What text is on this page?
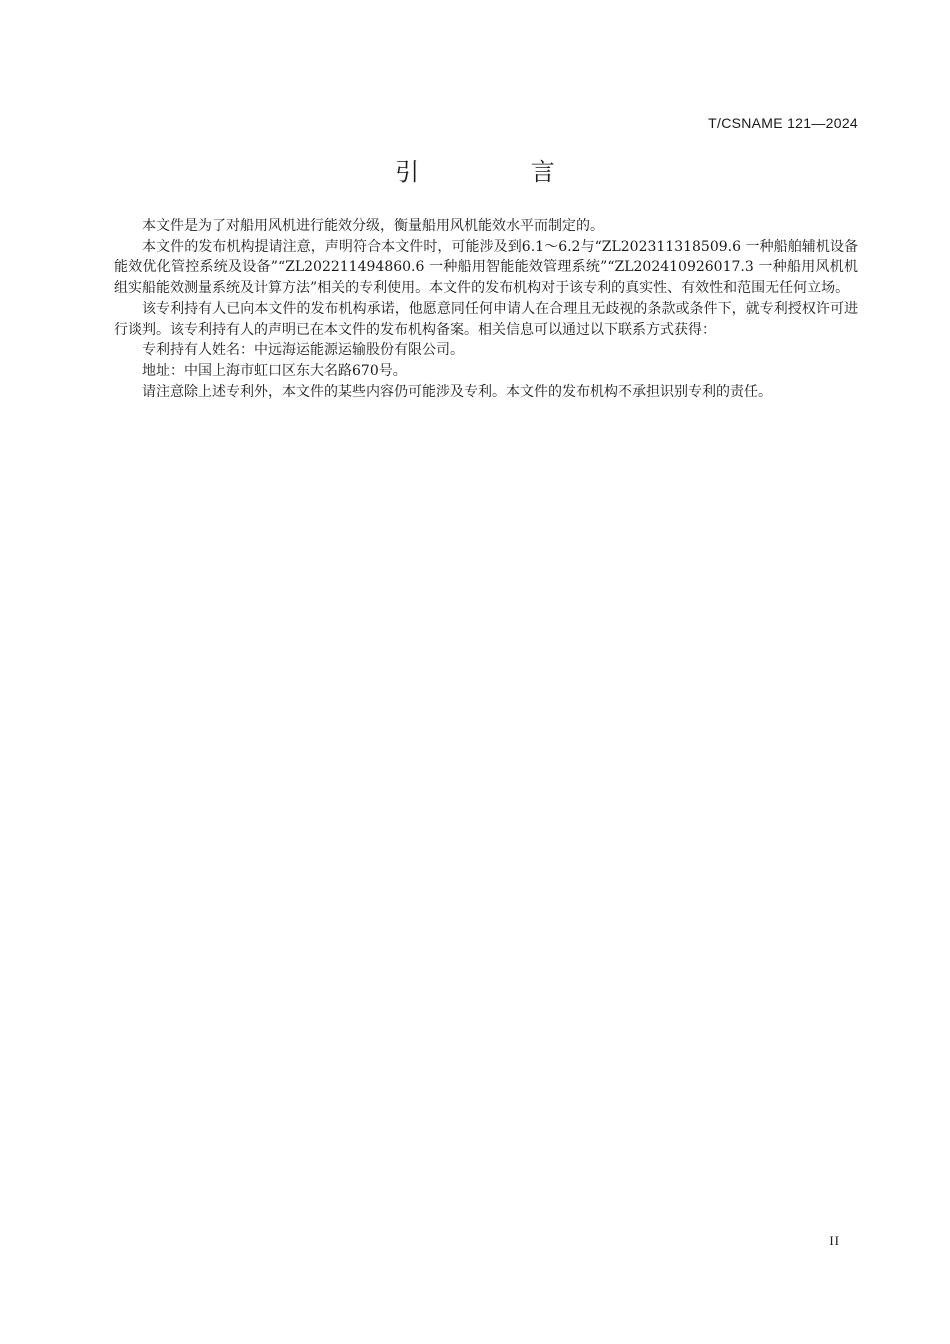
T/CSNAME 121—2024
引 言

本文件是为了对船用风机进行能效分级，衡量船用风机能效水平而制定的。

本文件的发布机构提请注意，声明符合本文件时，可能涉及到6.1～6.2与“ZL202311318509.6 一种船舶辅机设备能效优化管控系统及设备”“ZL202211494860.6 一种船用智能能效管理系统”“ZL202410926017.3 一种船用风机机组实船能效测量系统及计算方法”相关的专利使用。本文件的发布机构对于该专利的真实性、有效性和范围无任何立场。

该专利持有人已向本文件的发布机构承诺，他愿意同任何申请人在合理且无歧视的条款或条件下，就专利授权许可进行谈判。该专利持有人的声明已在本文件的发布机构备案。相关信息可以通过以下联系方式获得：

专利持有人姓名：中远海运能源运输股份有限公司。

地址：中国上海市虹口区东大名路670号。

请注意除上述专利外，本文件的某些内容仍可能涉及专利。本文件的发布机构不承担识别专利的责任。

II
